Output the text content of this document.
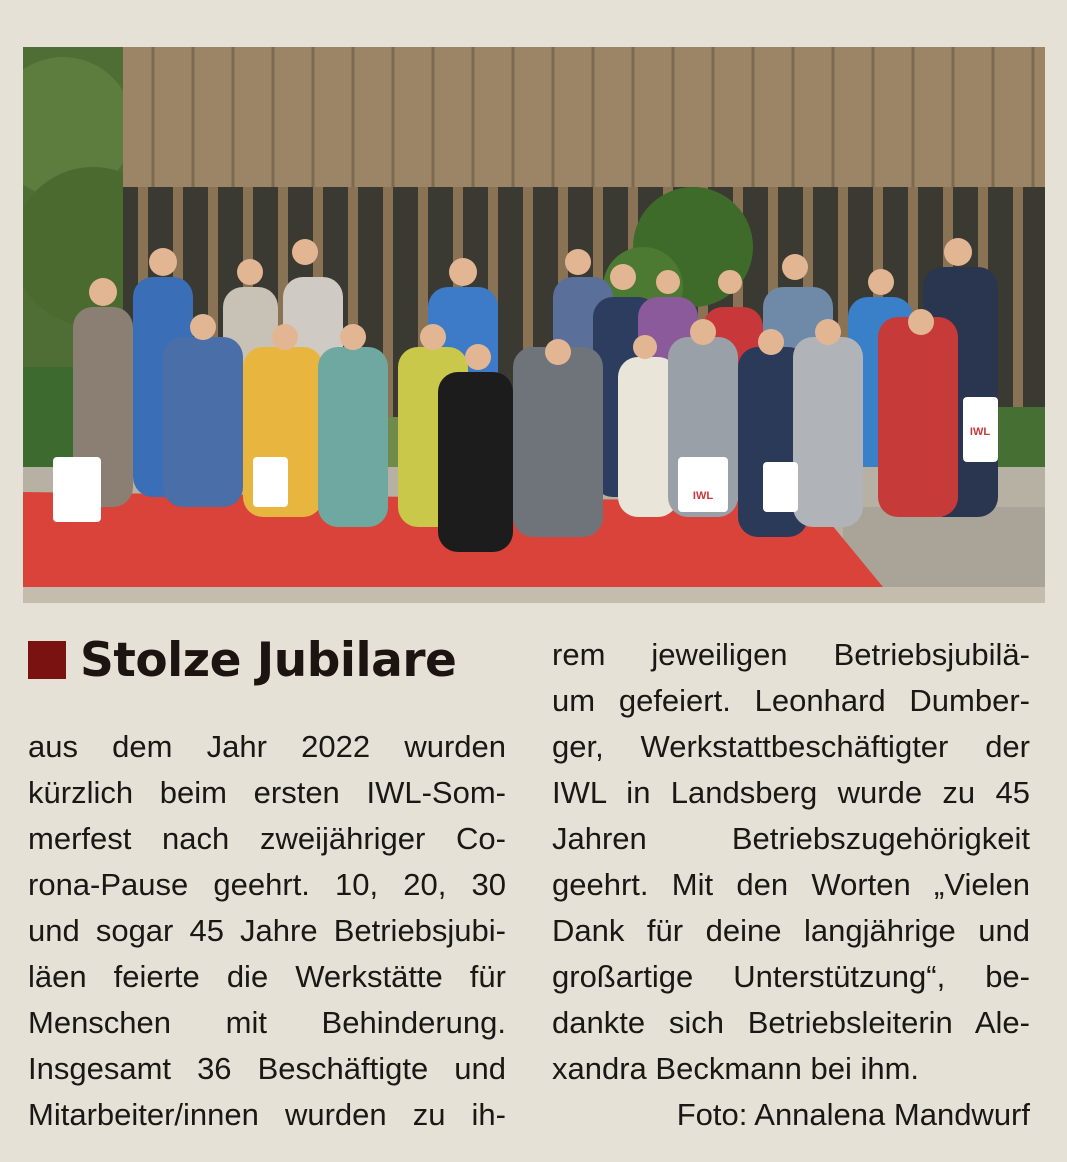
IWL
IWL
Stolze Jubilare
aus dem Jahr 2022 wurden
kürzlich beim ersten IWL-Som-
merfest nach zweijähriger Co-
rona-Pause geehrt. 10, 20, 30
und sogar 45 Jahre Betriebsjubi-
läen feierte die Werkstätte für
Menschen mit Behinderung.
Insgesamt 36 Beschäftigte und
Mitarbeiter/innen wurden zu ih-
rem jeweiligen Betriebsjubilä-
um gefeiert. Leonhard Dumber-
ger, Werkstattbeschäftigter der
IWL in Landsberg wurde zu 45
Jahren Betriebszugehörigkeit
geehrt. Mit den Worten „Vielen
Dank für deine langjährige und
großartige Unterstützung“, be-
dankte sich Betriebsleiterin Ale-
xandra Beckmann bei ihm.
Foto: Annalena Mandwurf
